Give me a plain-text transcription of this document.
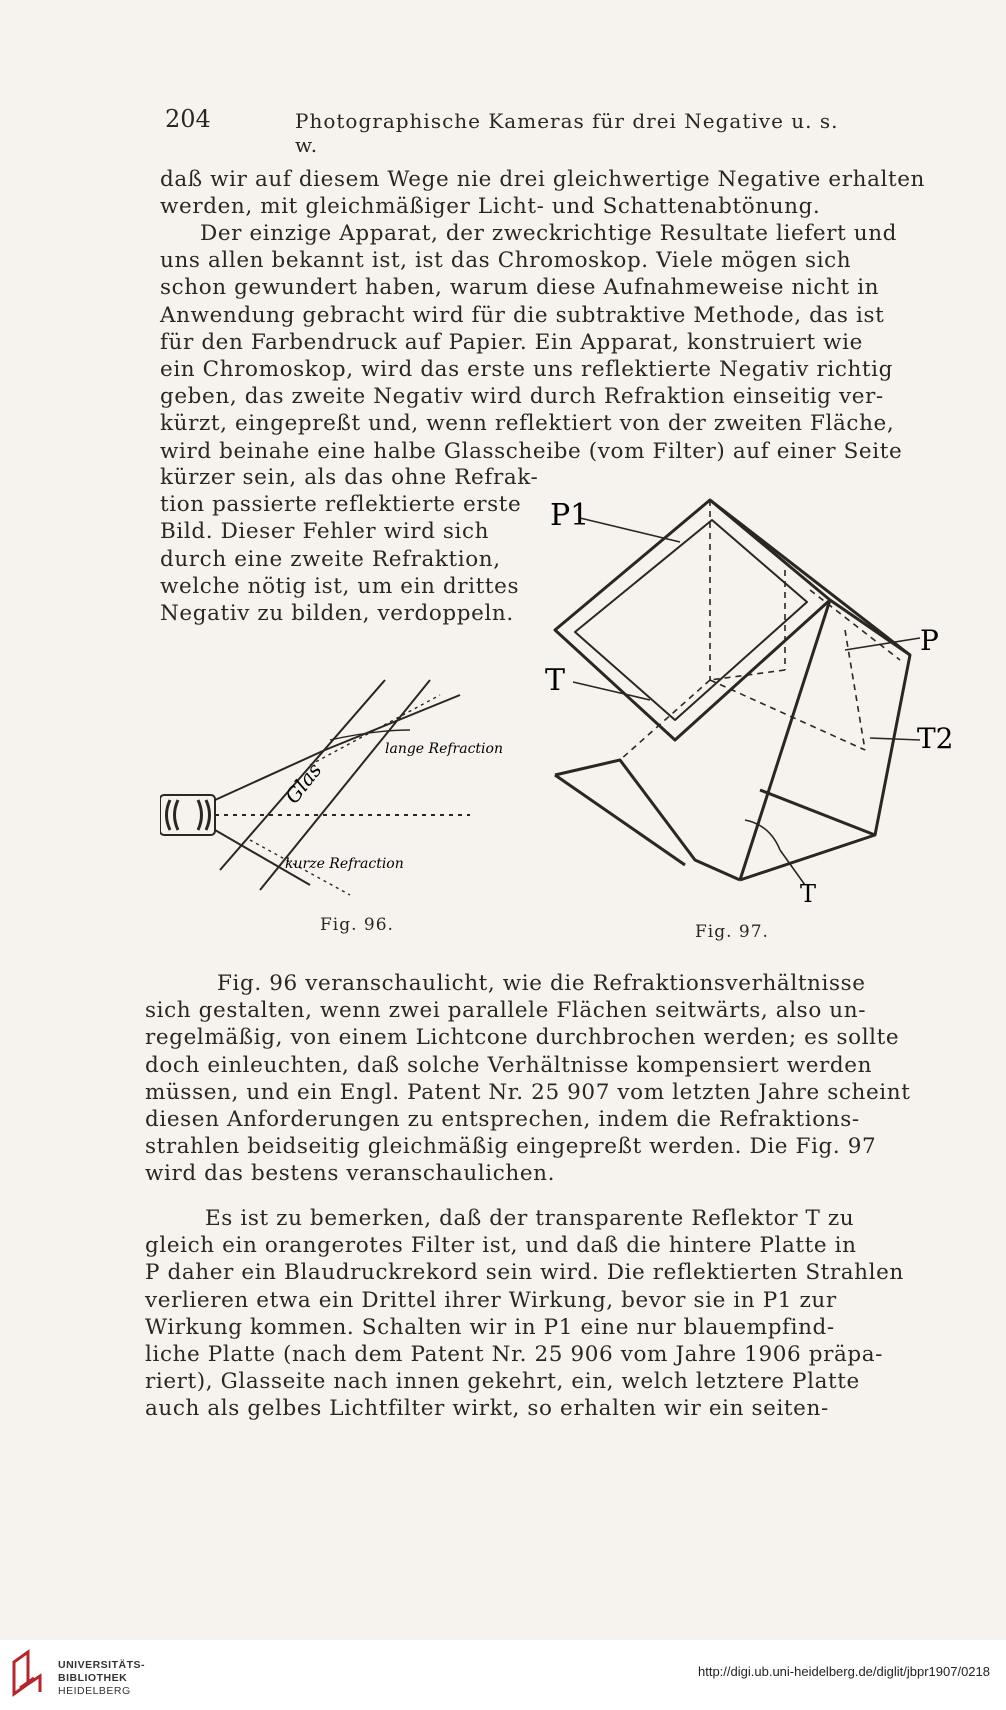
204	Photographische Kameras für drei Negative u. s. w.
daß wir auf diesem Wege nie drei gleichwertige Negative erhalten
werden, mit gleichmäßiger Licht- und Schattenabtönung.
Der einzige Apparat, der zweckrichtige Resultate liefert und
uns allen bekannt ist, ist das Chromoskop. Viele mögen sich
schon gewundert haben, warum diese Aufnahmeweise nicht in
Anwendung gebracht wird für die subtraktive Methode, das ist
für den Farbendruck auf Papier. Ein Apparat, konstruiert wie
ein Chromoskop, wird das erste uns reflektierte Negativ richtig
geben, das zweite Negativ wird durch Refraktion einseitig ver-
kürzt, eingepreßt und, wenn reflektiert von der zweiten Fläche,
wird beinahe eine halbe Glasscheibe (vom Filter) auf einer Seite
kürzer sein, als das ohne Refrak-
tion passierte reflektierte erste
Bild. Dieser Fehler wird sich
durch eine zweite Refraktion,
welche nötig ist, um ein drittes
Negativ zu bilden, verdoppeln.
Glas
lange Refraction
kurze Refraction
Fig. 96.
P1
T
P
T2
T
Fig. 97.
Fig. 96 veranschaulicht, wie die Refraktionsverhältnisse
sich gestalten, wenn zwei parallele Flächen seitwärts, also un-
regelmäßig, von einem Lichtcone durchbrochen werden; es sollte
doch einleuchten, daß solche Verhältnisse kompensiert werden
müssen, und ein Engl. Patent Nr. 25 907 vom letzten Jahre scheint
diesen Anforderungen zu entsprechen, indem die Refraktions-
strahlen beidseitig gleichmäßig eingepreßt werden. Die Fig. 97
wird das bestens veranschaulichen.
Es ist zu bemerken, daß der transparente Reflektor T zu
gleich ein orangerotes Filter ist, und daß die hintere Platte in
P daher ein Blaudruckrekord sein wird. Die reflektierten Strahlen
verlieren etwa ein Drittel ihrer Wirkung, bevor sie in P1 zur
Wirkung kommen. Schalten wir in P1 eine nur blauempfind-
liche Platte (nach dem Patent Nr. 25 906 vom Jahre 1906 präpa-
riert), Glasseite nach innen gekehrt, ein, welch letztere Platte
auch als gelbes Lichtfilter wirkt, so erhalten wir ein seiten-
UNIVERSITÄTS-
BIBLIOTHEK
HEIDELBERG
http://digi.ub.uni-heidelberg.de/diglit/jbpr1907/0218
